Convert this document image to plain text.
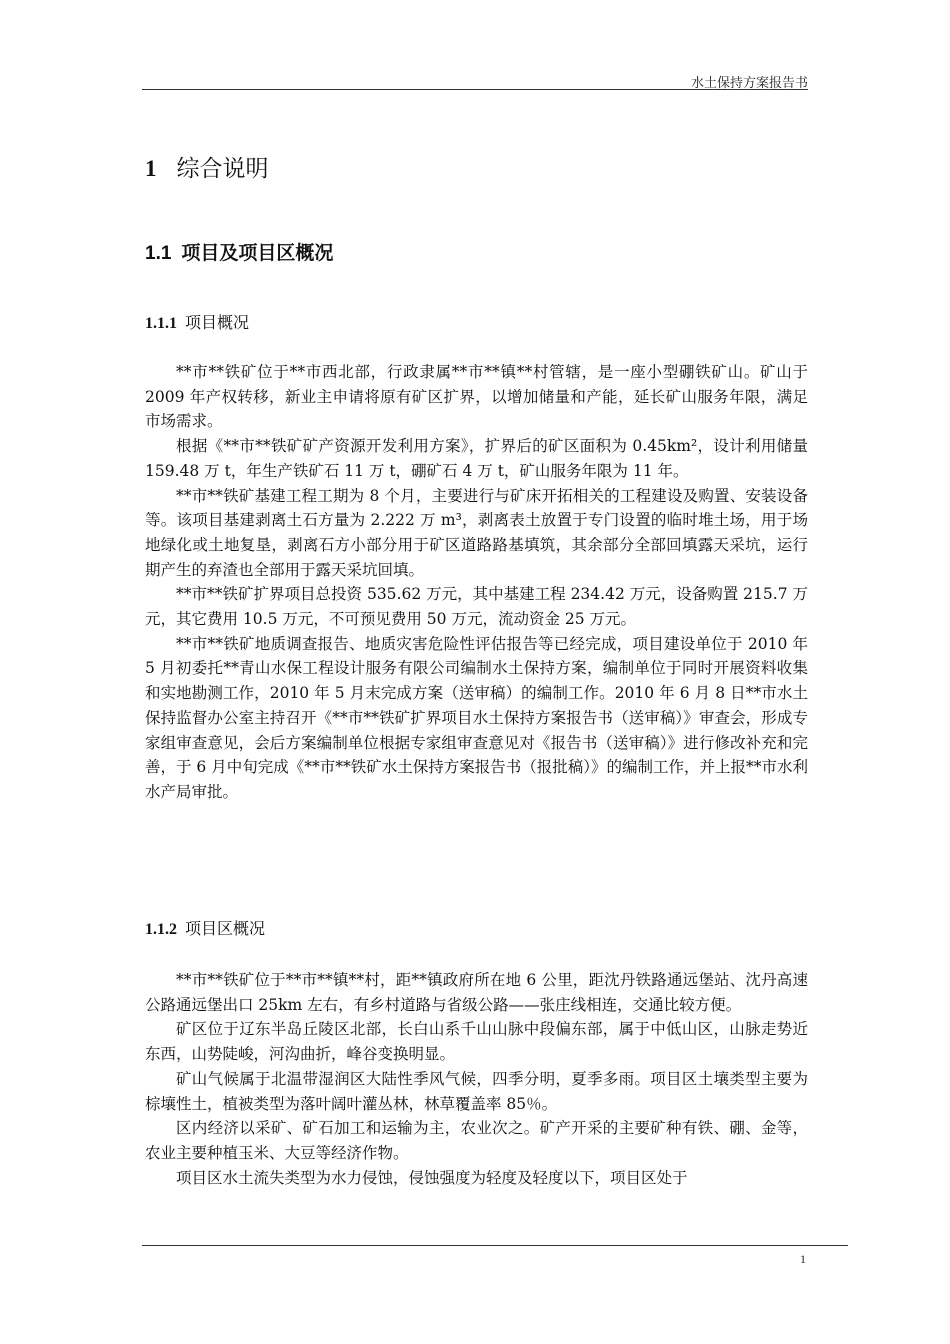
水土保持方案报告书
1 综合说明
1.1 项目及项目区概况
1.1.1 项目概况

**市**铁矿位于**市西北部，行政隶属**市**镇**村管辖，是一座小型硼铁矿山。矿山于 2009 年产权转移，新业主申请将原有矿区扩界，以增加储量和产能，延长矿山服务年限，满足市场需求。

根据《**市**铁矿矿产资源开发利用方案》，扩界后的矿区面积为 0.45km²，设计利用储量 159.48 万 t，年生产铁矿石 11 万 t，硼矿石 4 万 t，矿山服务年限为 11 年。

**市**铁矿基建工程工期为 8 个月，主要进行与矿床开拓相关的工程建设及购置、安装设备等。该项目基建剥离土石方量为 2.222 万 m³，剥离表土放置于专门设置的临时堆土场，用于场地绿化或土地复垦，剥离石方小部分用于矿区道路路基填筑，其余部分全部回填露天采坑，运行期产生的弃渣也全部用于露天采坑回填。

**市**铁矿扩界项目总投资 535.62 万元，其中基建工程 234.42 万元，设备购置 215.7 万元，其它费用 10.5 万元，不可预见费用 50 万元，流动资金 25 万元。

**市**铁矿地质调查报告、地质灾害危险性评估报告等已经完成，项目建设单位于 2010 年 5 月初委托**青山水保工程设计服务有限公司编制水土保持方案，编制单位于同时开展资料收集和实地勘测工作，2010 年 5 月末完成方案（送审稿）的编制工作。2010 年 6 月 8 日**市水土保持监督办公室主持召开《**市**铁矿扩界项目水土保持方案报告书（送审稿）》审查会，形成专家组审查意见，会后方案编制单位根据专家组审查意见对《报告书（送审稿）》进行修改补充和完善，于 6 月中旬完成《**市**铁矿水土保持方案报告书（报批稿）》的编制工作，并上报**市水利水产局审批。

1.1.2 项目区概况

**市**铁矿位于**市**镇**村，距**镇政府所在地 6 公里，距沈丹铁路通远堡站、沈丹高速公路通远堡出口 25km 左右，有乡村道路与省级公路——张庄线相连，交通比较方便。

矿区位于辽东半岛丘陵区北部，长白山系千山山脉中段偏东部，属于中低山区，山脉走势近东西，山势陡峻，河沟曲折，峰谷变换明显。

矿山气候属于北温带湿润区大陆性季风气候，四季分明，夏季多雨。项目区土壤类型主要为棕壤性土，植被类型为落叶阔叶灌丛林，林草覆盖率 85％。

区内经济以采矿、矿石加工和运输为主，农业次之。矿产开采的主要矿种有铁、硼、金等，农业主要种植玉米、大豆等经济作物。

项目区水土流失类型为水力侵蚀，侵蚀强度为轻度及轻度以下，项目区处于

1
